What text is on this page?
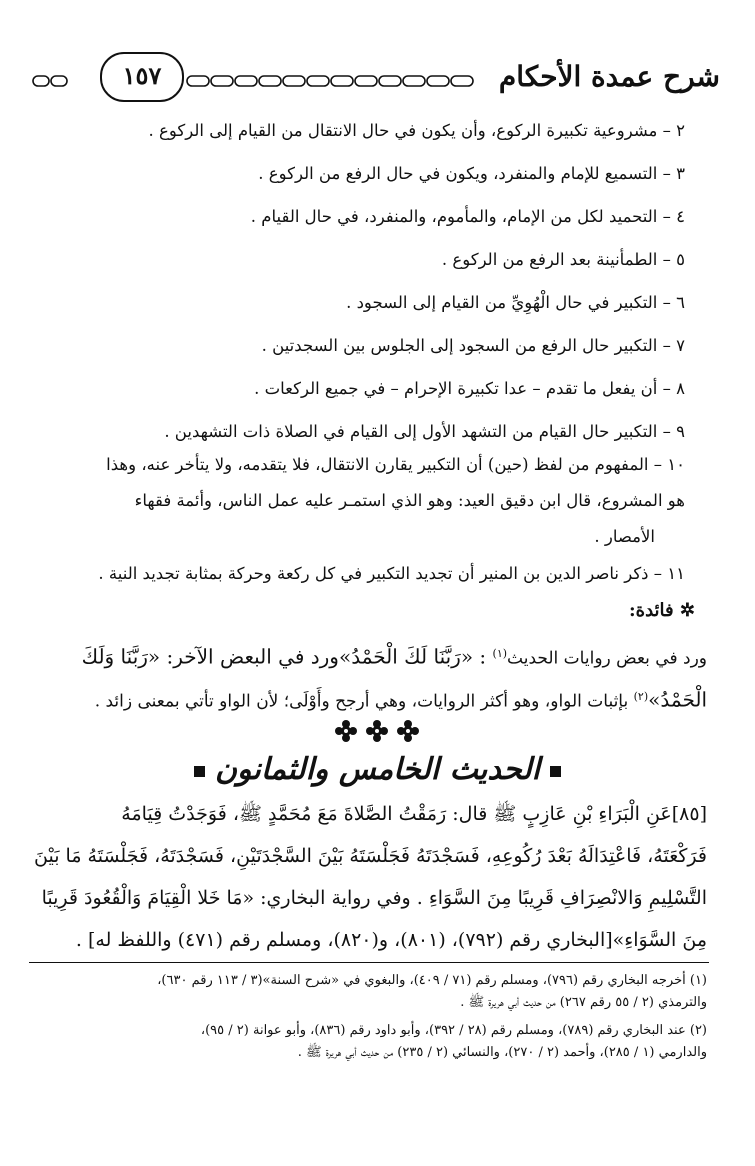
شرح عمدة الأحكام
١٥٧
٢ – مشروعية تكبيرة الركوع، وأن يكون في حال الانتقال من القيام إلى الركوع .
٣ – التسميع للإمام والمنفرد، ويكون في حال الرفع من الركوع .
٤ – التحميد لكل من الإمام، والمأموم، والمنفرد، في حال القيام .
٥ – الطمأنينة بعد الرفع من الركوع .
٦ – التكبير في حال الْهُوِيِّ من القيام إلى السجود .
٧ – التكبير حال الرفع من السجود إلى الجلوس بين السجدتين .
٨ – أن يفعل ما تقدم – عدا تكبيرة الإحرام – في جميع الركعات .
٩ – التكبير حال القيام من التشهد الأول إلى القيام في الصلاة ذات التشهدين .

١٠ – المفهوم من لفظ (حين) أن التكبير يقارن الانتقال، فلا يتقدمه، ولا يتأخر عنه، وهذا

هو المشروع، قال ابن دقيق العيد: وهو الذي استمـر عليه عمل الناس، وأئمة فقهاء

الأمصار .

١١ – ذكر ناصر الدين بن المنير أن تجديد التكبير في كل ركعة وحركة بمثابة تجديد النية .
✲ فائدة:

ورد في بعض روايات الحديث$^{(١)}$ : «رَبَّنَا لَكَ الْحَمْدُ»ورد في البعض الآخر: «رَبَّنَا وَلَكَ

الْحَمْدُ»$^{(٢)}$ بإثبات الواو، وهو أكثر الروايات، وهي أرجح وأَوْلَى؛ لأن الواو تأتي بمعنى زائد .

الحديث الخامس والثمانون

[٨٥]عَنِ الْبَرَاءِ بْنِ عَازِبٍ ﷺ قال: رَمَقْتُ الصَّلاةَ مَعَ مُحَمَّدٍ ﷺ، فَوَجَدْتُ قِيَامَهُ

فَرَكْعَتَهُ، فَاعْتِدَالَهُ بَعْدَ رُكُوعِهِ، فَسَجْدَتَهُ فَجَلْسَتَهُ بَيْنَ السَّجْدَتَيْنِ، فَسَجْدَتَهُ، فَجَلْسَتَهُ مَا بَيْنَ

التَّسْلِيمِ وَالانْصِرَافِ قَرِيبًا مِنَ السَّوَاءِ . وفي رواية البخاري: «مَا خَلا الْقِيَامَ وَالْقُعُودَ قَرِيبًا

مِنَ السَّوَاءِ»[البخاري رقم (٧٩٢)، (٨٠١)، و(٨٢٠)، ومسلم رقم (٤٧١) واللفظ له] .

(١) أخرجه البخاري رقم (٧٩٦)، ومسلم رقم (٧١ / ٤٠٩)، والبغوي في «شرح السنة»(٣ / ١١٣ رقم ٦٣٠)،

والترمذي (٢ / ٥٥ رقم ٢٦٧) من حديث أبي هريرة ﷺ .

(٢) عند البخاري رقم (٧٨٩)، ومسلم رقم (٢٨ / ٣٩٢)، وأبو داود رقم (٨٣٦)، وأبو عوانة (٢ / ٩٥)،

والدارمي (١ / ٢٨٥)، وأحمد (٢ / ٢٧٠)، والنسائي (٢ / ٢٣٥) من حديث أبي هريرة ﷺ .
